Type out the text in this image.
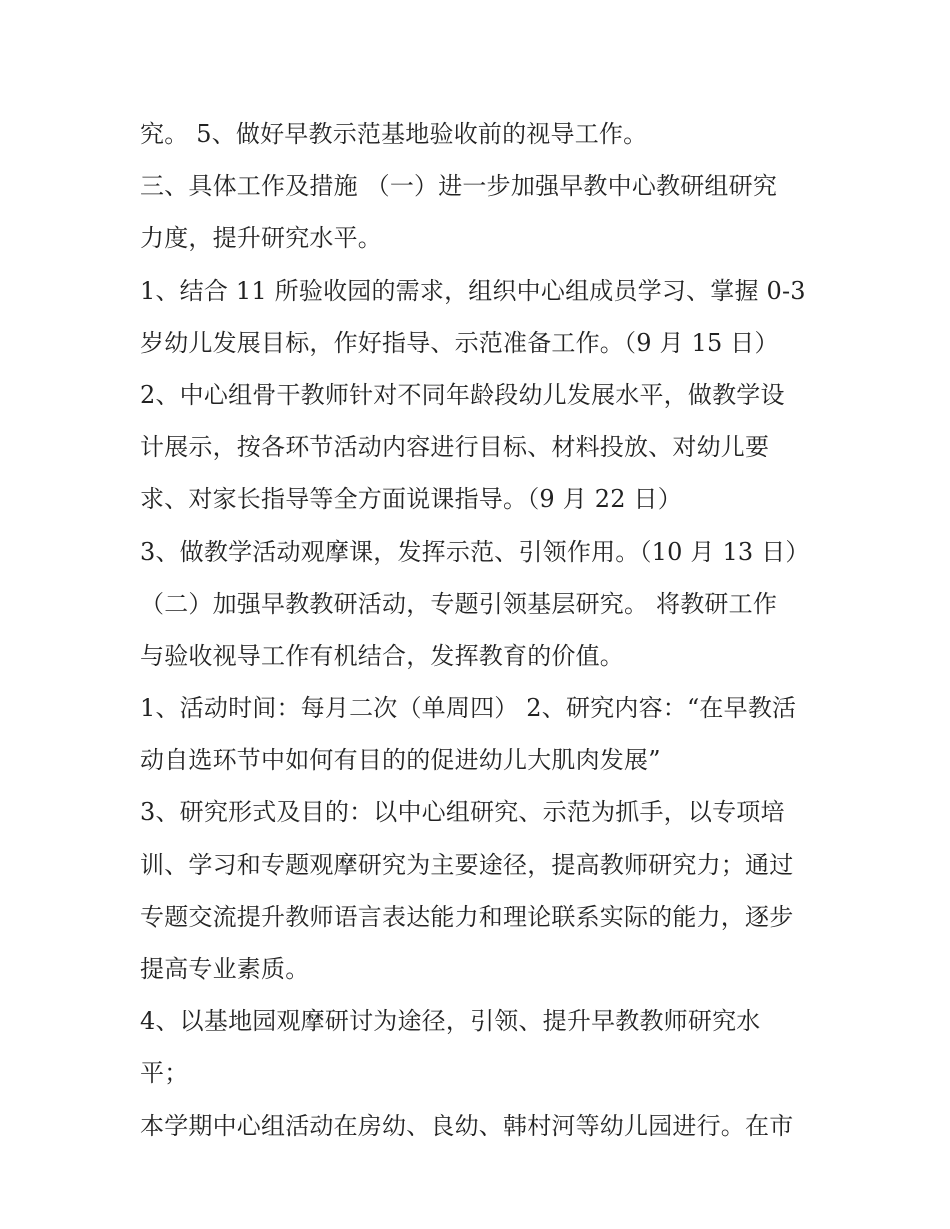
究。 5、做好早教示范基地验收前的视导工作。
三、具体工作及措施 （一）进一步加强早教中心教研组研究
力度，提升研究水平。
1、结合 11 所验收园的需求，组织中心组成员学习、掌握 0-3
岁幼儿发展目标，作好指导、示范准备工作。（9 月 15 日）
2、中心组骨干教师针对不同年龄段幼儿发展水平，做教学设
计展示，按各环节活动内容进行目标、材料投放、对幼儿要
求、对家长指导等全方面说课指导。（9 月 22 日）
3、做教学活动观摩课，发挥示范、引领作用。（10 月 13 日）
（二）加强早教教研活动，专题引领基层研究。 将教研工作
与验收视导工作有机结合，发挥教育的价值。
1、活动时间：每月二次（单周四） 2、研究内容：“在早教活
动自选环节中如何有目的的促进幼儿大肌肉发展”
3、研究形式及目的：以中心组研究、示范为抓手，以专项培
训、学习和专题观摩研究为主要途径，提高教师研究力；通过
专题交流提升教师语言表达能力和理论联系实际的能力，逐步
提高专业素质。
4、以基地园观摩研讨为途径，引领、提升早教教师研究水
平；
本学期中心组活动在房幼、良幼、韩村河等幼儿园进行。在市
